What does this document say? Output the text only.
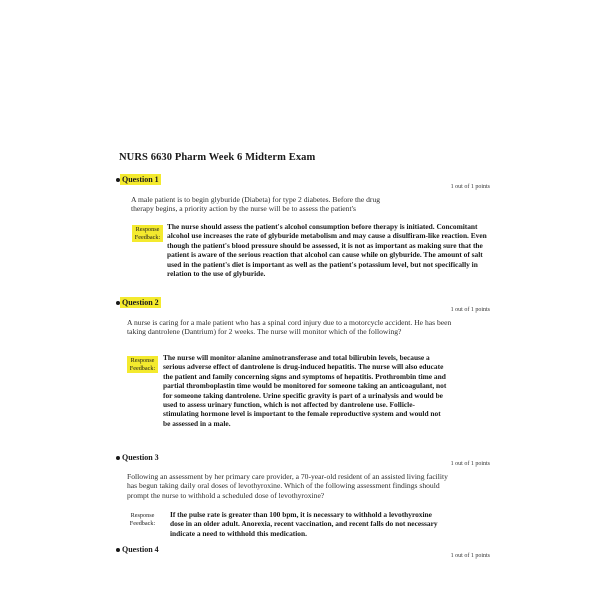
NURS 6630 Pharm Week 6 Midterm Exam
Question 1
1 out of 1 points
A male patient is to begin glyburide (Diabeta) for type 2 diabetes. Before the drug therapy begins, a priority action by the nurse will be to assess the patient's
Response Feedback:
The nurse should assess the patient's alcohol consumption before therapy is initiated. Concomitant alcohol use increases the rate of glyburide metabolism and may cause a disulfiram-like reaction. Even though the patient's blood pressure should be assessed, it is not as important as making sure that the patient is aware of the serious reaction that alcohol can cause while on glyburide. The amount of salt used in the patient's diet is important as well as the patient's potassium level, but not specifically in relation to the use of glyburide.
Question 2
1 out of 1 points
A nurse is caring for a male patient who has a spinal cord injury due to a motorcycle accident. He has been taking dantrolene (Dantrium) for 2 weeks. The nurse will monitor which of the following?
Response Feedback:
The nurse will monitor alanine aminotransferase and total bilirubin levels, because a serious adverse effect of dantrolene is drug-induced hepatitis. The nurse will also educate the patient and family concerning signs and symptoms of hepatitis. Prothrombin time and partial thromboplastin time would be monitored for someone taking an anticoagulant, not for someone taking dantrolene. Urine specific gravity is part of a urinalysis and would be used to assess urinary function, which is not affected by dantrolene use. Follicle-stimulating hormone level is important to the female reproductive system and would not be assessed in a male.
Question 3
1 out of 1 points
Following an assessment by her primary care provider, a 70-year-old resident of an assisted living facility has begun taking daily oral doses of levothyroxine. Which of the following assessment findings should prompt the nurse to withhold a scheduled dose of levothyroxine?
Response Feedback:
If the pulse rate is greater than 100 bpm, it is necessary to withhold a levothyroxine dose in an older adult. Anorexia, recent vaccination, and recent falls do not necessary indicate a need to withhold this medication.
Question 4
1 out of 1 points
